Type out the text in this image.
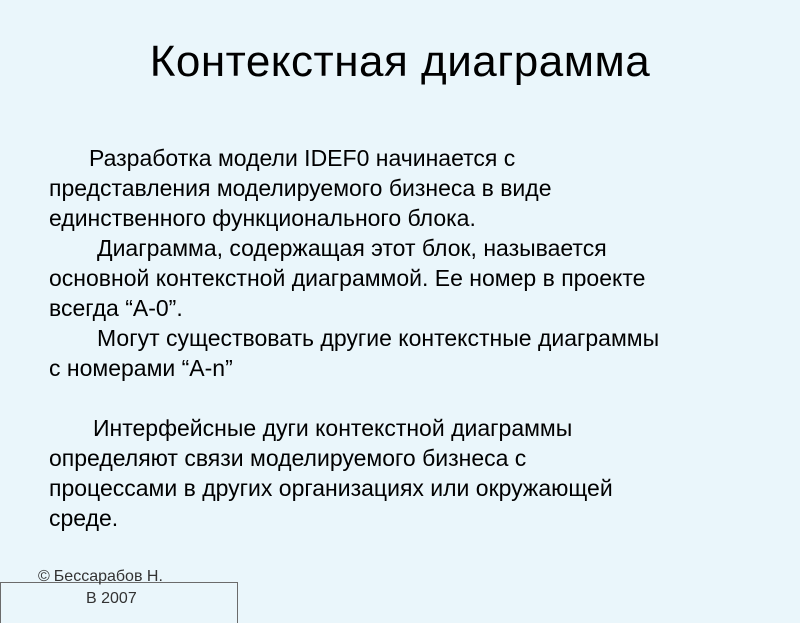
Контекстная диаграмма

Разработка модели IDEF0 начинается с
представления моделируемого бизнеса в виде
единственного функционального блока.

Диаграмма, содержащая этот блок, называется
основной контекстной диаграммой. Ее номер в проекте
всегда “А-0”.

Могут существовать другие контекстные диаграммы
с номерами “A-n”

Интерфейсные дуги контекстной диаграммы
определяют связи моделируемого бизнеса с
процессами в других организациях или окружающей
среде.

© Бессарабов Н.
В 2007
